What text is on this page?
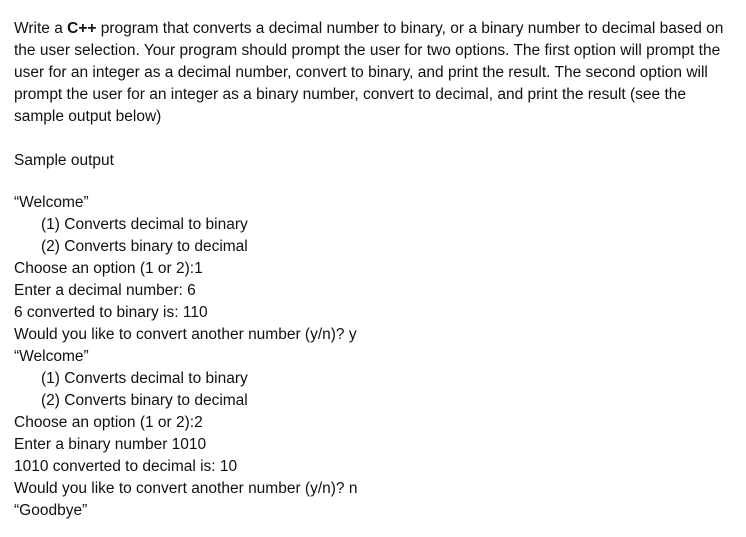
Write a C++ program that converts a decimal number to binary, or a binary number to decimal based on the user selection. Your program should prompt the user for two options. The first option will prompt the user for an integer as a decimal number, convert to binary, and print the result. The second option will prompt the user for an integer as a binary number, convert to decimal, and print the result (see the sample output below)

Sample output
“Welcome”
(1) Converts decimal to binary
(2) Converts binary to decimal
Choose an option (1 or 2):1
Enter a decimal number: 6
6 converted to binary is: 110
Would you like to convert another number (y/n)? y
“Welcome”
(1) Converts decimal to binary
(2) Converts binary to decimal
Choose an option (1 or 2):2
Enter a binary number 1010
1010 converted to decimal is: 10
Would you like to convert another number (y/n)? n
“Goodbye”
